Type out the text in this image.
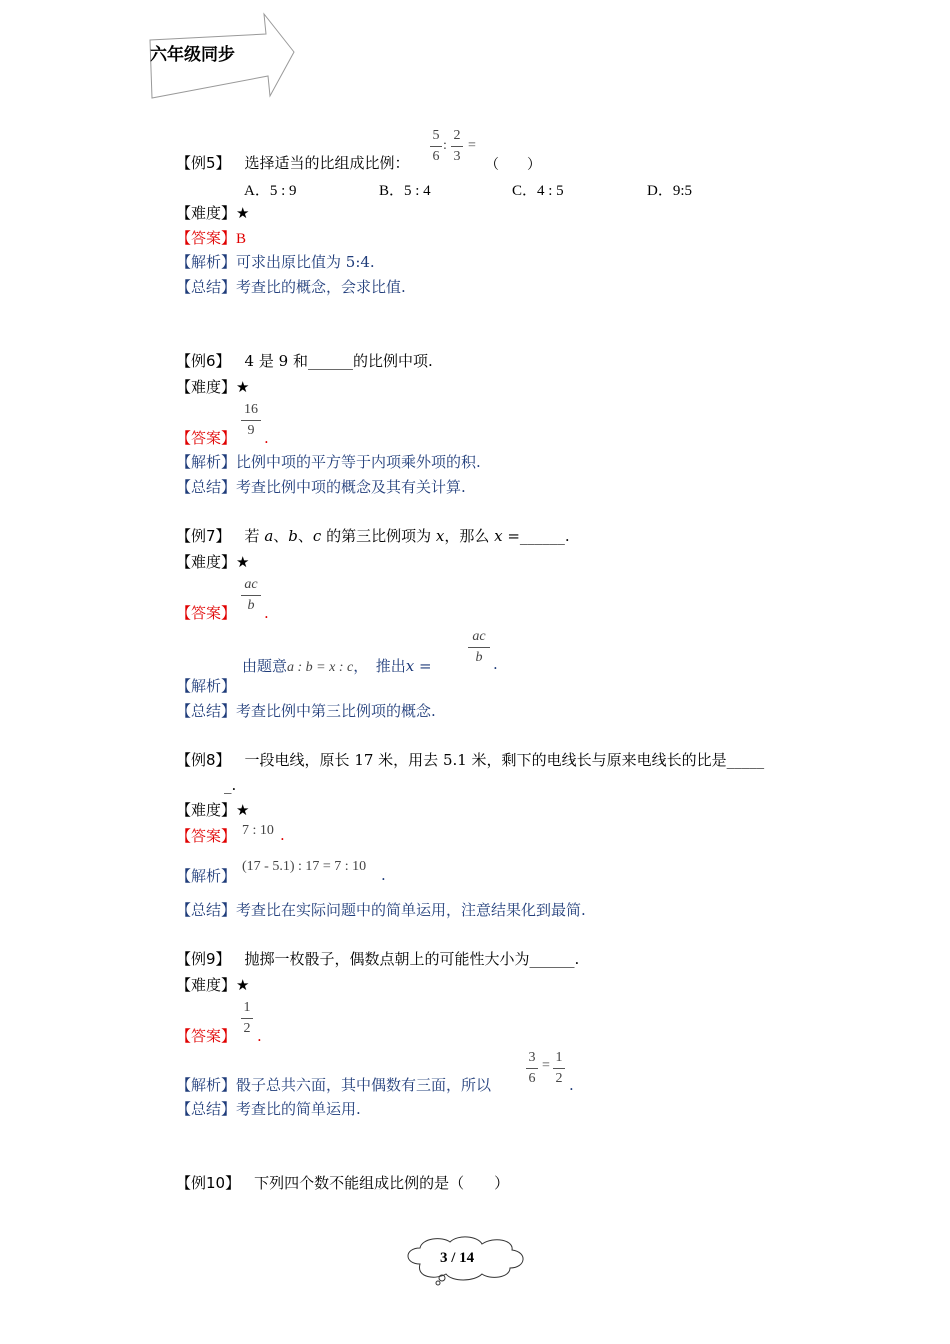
六年级同步
5
6
:
2
3
=
【例5】 选择适当的比组成比例：	（　　）
A．5 : 9	B．5 : 4	C．4 : 5	D．9:5
【难度】★
【答案】B
【解析】可求出原比值为 5:4.
【总结】考查比的概念，会求比值.
【例6】 4 是 9 和______的比例中项.
【难度】★
16
9
【答案】 .
【解析】比例中项的平方等于内项乘外项的积.
【总结】考查比例中项的概念及其有关计算.
【例7】 若 a、b、c 的第三比例项为 x，那么 x =______.
【难度】★
ac
b
【答案】 .
由题意a : b = x : c，　推出x =
ac
b .
【解析】
【总结】考查比例中第三比例项的概念.
【例8】 一段电线，原长 17 米，用去 5.1 米，剩下的电线长与原来电线长的比是_____
_.
【难度】★
【答案】 7 : 10 .
【解析】
(17 - 5.1) : 17 = 7 : 10 .
【总结】考查比在实际问题中的简单运用，注意结果化到最简.
【例9】 抛掷一枚骰子，偶数点朝上的可能性大小为______.
【难度】★
1
2
【答案】 .
【解析】骰子总共六面，其中偶数有三面，所以
3
6
=
1
2 .
【总结】考查比的简单运用.
【例10】 下列四个数不能组成比例的是（　　）
3 / 14
